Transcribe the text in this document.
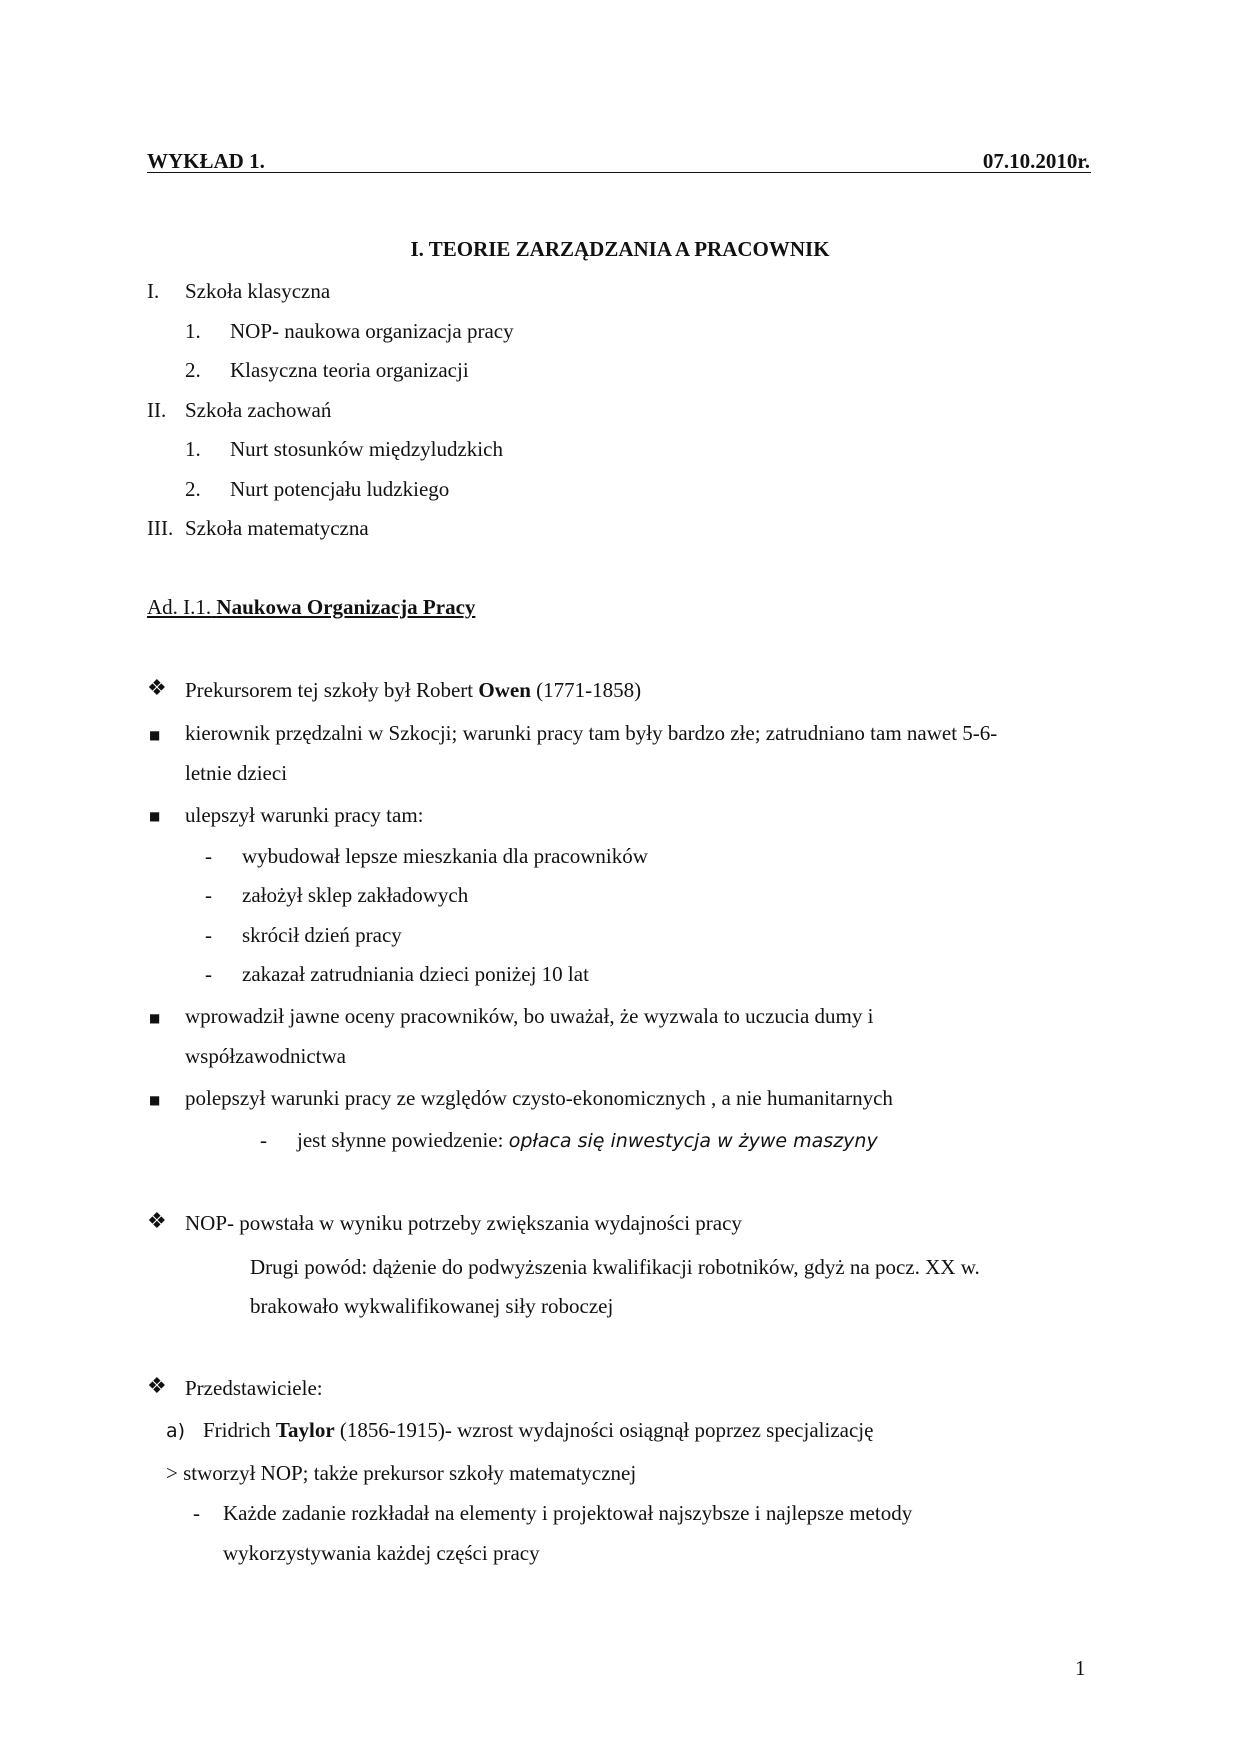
WYKŁAD 1.	07.10.2010r.
I. TEORIE ZARZĄDZANIA A PRACOWNIK
I. Szkoła klasyczna
1. NOP- naukowa organizacja pracy
2. Klasyczna teoria organizacji
II. Szkoła zachowań
1. Nurt stosunków międzyludzkich
2. Nurt potencjału ludzkiego
III. Szkoła matematyczna
Ad. I.1. Naukowa Organizacja Pracy
❖ Prekursorem tej szkoły był Robert Owen (1771-1858)
■ kierownik przędzalni w Szkocji; warunki pracy tam były bardzo złe; zatrudniano tam nawet 5-6-
letnie dzieci
■ ulepszył warunki pracy tam:
- wybudował lepsze mieszkania dla pracowników
- założył sklep zakładowych
- skrócił dzień pracy
- zakazał zatrudniania dzieci poniżej 10 lat
■ wprowadził jawne oceny pracowników, bo uważał, że wyzwala to uczucia dumy i
współzawodnictwa
■ polepszył warunki pracy ze względów czysto-ekonomicznych , a nie humanitarnych
- jest słynne powiedzenie: opłaca się inwestycja w żywe maszyny
❖ NOP- powstała w wyniku potrzeby zwiększania wydajności pracy
Drugi powód: dążenie do podwyższenia kwalifikacji robotników, gdyż na pocz. XX w.
brakowało wykwalifikowanej siły roboczej
❖ Przedstawiciele:
a) Fridrich Taylor (1856-1915)- wzrost wydajności osiągnął poprzez specjalizację
> stworzył NOP; także prekursor szkoły matematycznej
- Każde zadanie rozkładał na elementy i projektował najszybsze i najlepsze metody
wykorzystywania każdej części pracy
1
